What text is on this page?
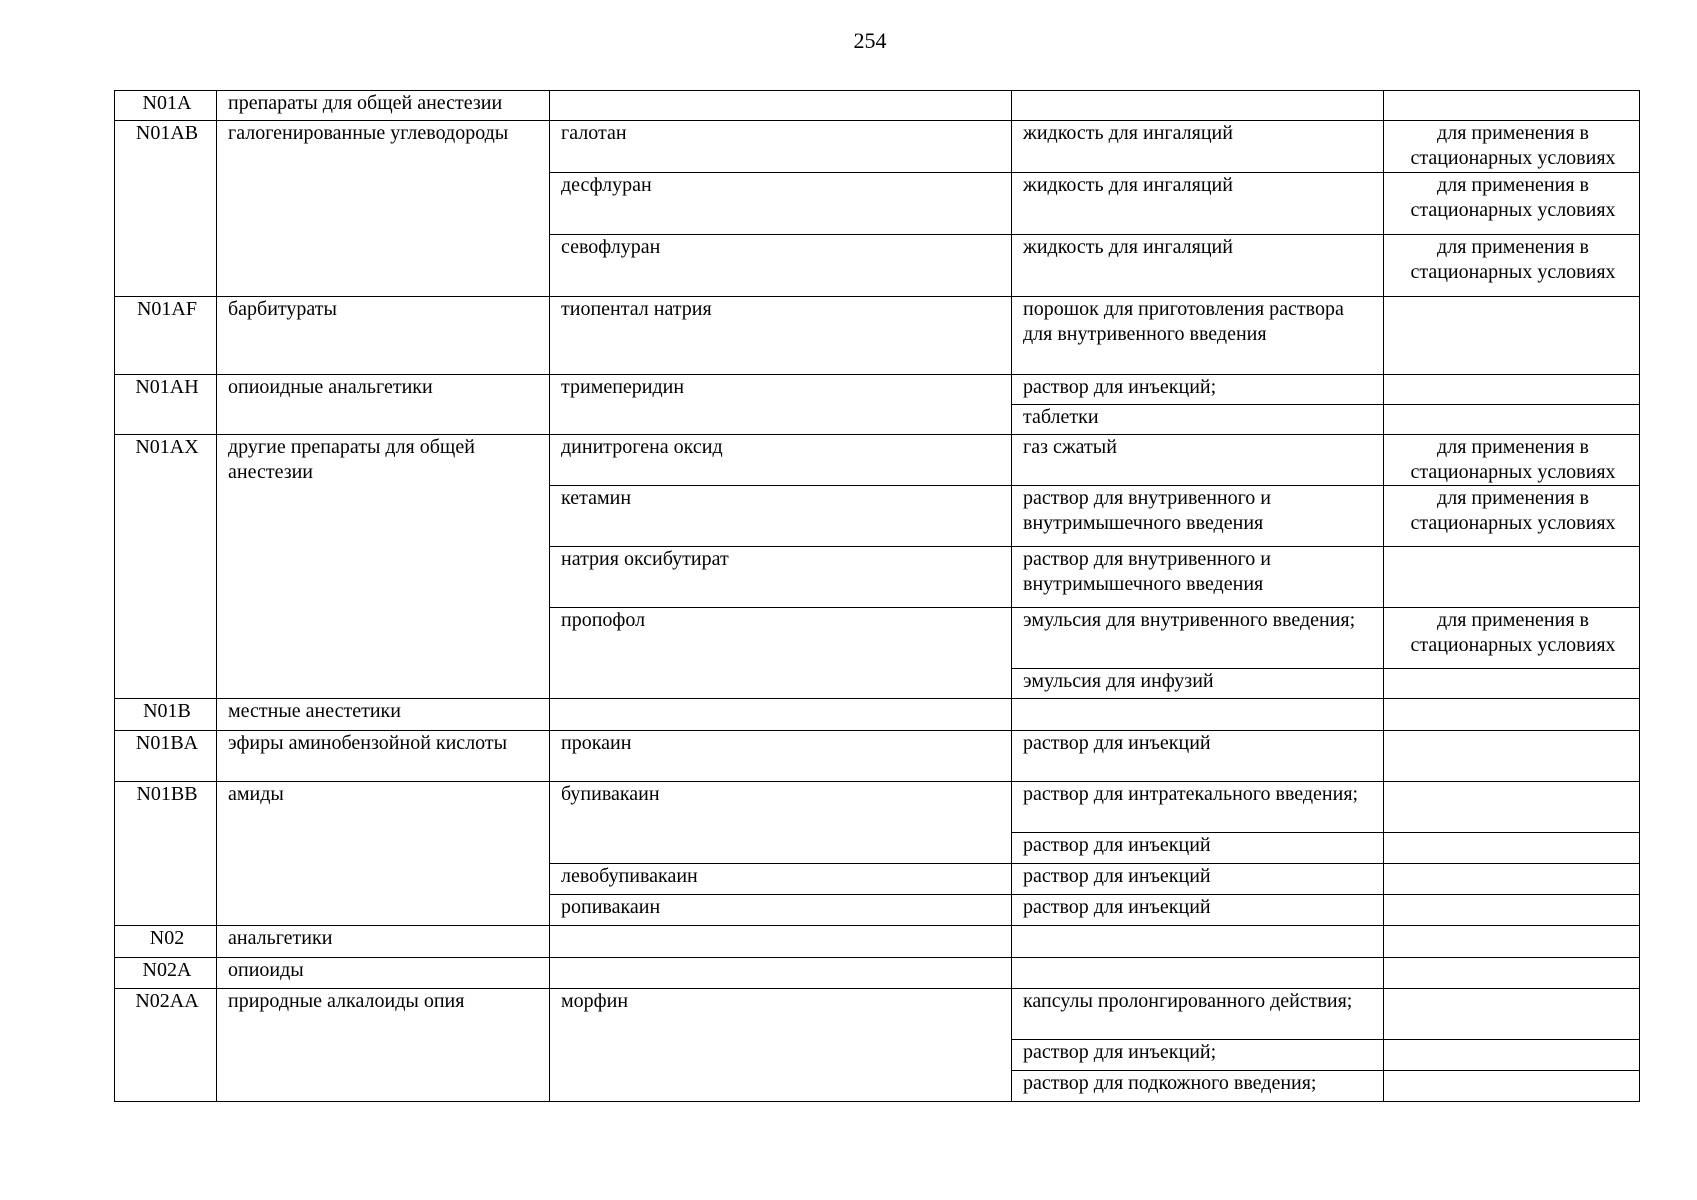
254
N01A	препараты для общей анестезии			
N01AB	галогенированные углеводороды	галотан	жидкость для ингаляций	для применения в стационарных условиях
		десфлуран	жидкость для ингаляций	для применения в стационарных условиях
		севофлуран	жидкость для ингаляций	для применения в стационарных условиях
N01AF	барбитураты	тиопентал натрия	порошок для приготовления раствора для внутривенного введения	
N01AH	опиоидные анальгетики	тримеперидин	раствор для инъекций;	
			таблетки	
N01AX	другие препараты для общей анестезии	динитрогена оксид	газ сжатый	для применения в стационарных условиях
		кетамин	раствор для внутривенного и внутримышечного введения	для применения в стационарных условиях
		натрия оксибутират	раствор для внутривенного и внутримышечного введения	
		пропофол	эмульсия для внутривенного введения;	для применения в стационарных условиях
			эмульсия для инфузий	
N01B	местные анестетики			
N01BA	эфиры аминобензойной кислоты	прокаин	раствор для инъекций	
N01BB	амиды	бупивакаин	раствор для интратекального введения;	
			раствор для инъекций	
		левобупивакаин	раствор для инъекций	
		ропивакаин	раствор для инъекций	
N02	анальгетики			
N02A	опиоиды			
N02AA	природные алкалоиды опия	морфин	капсулы пролонгированного действия;	
			раствор для инъекций;	
			раствор для подкожного введения;	
